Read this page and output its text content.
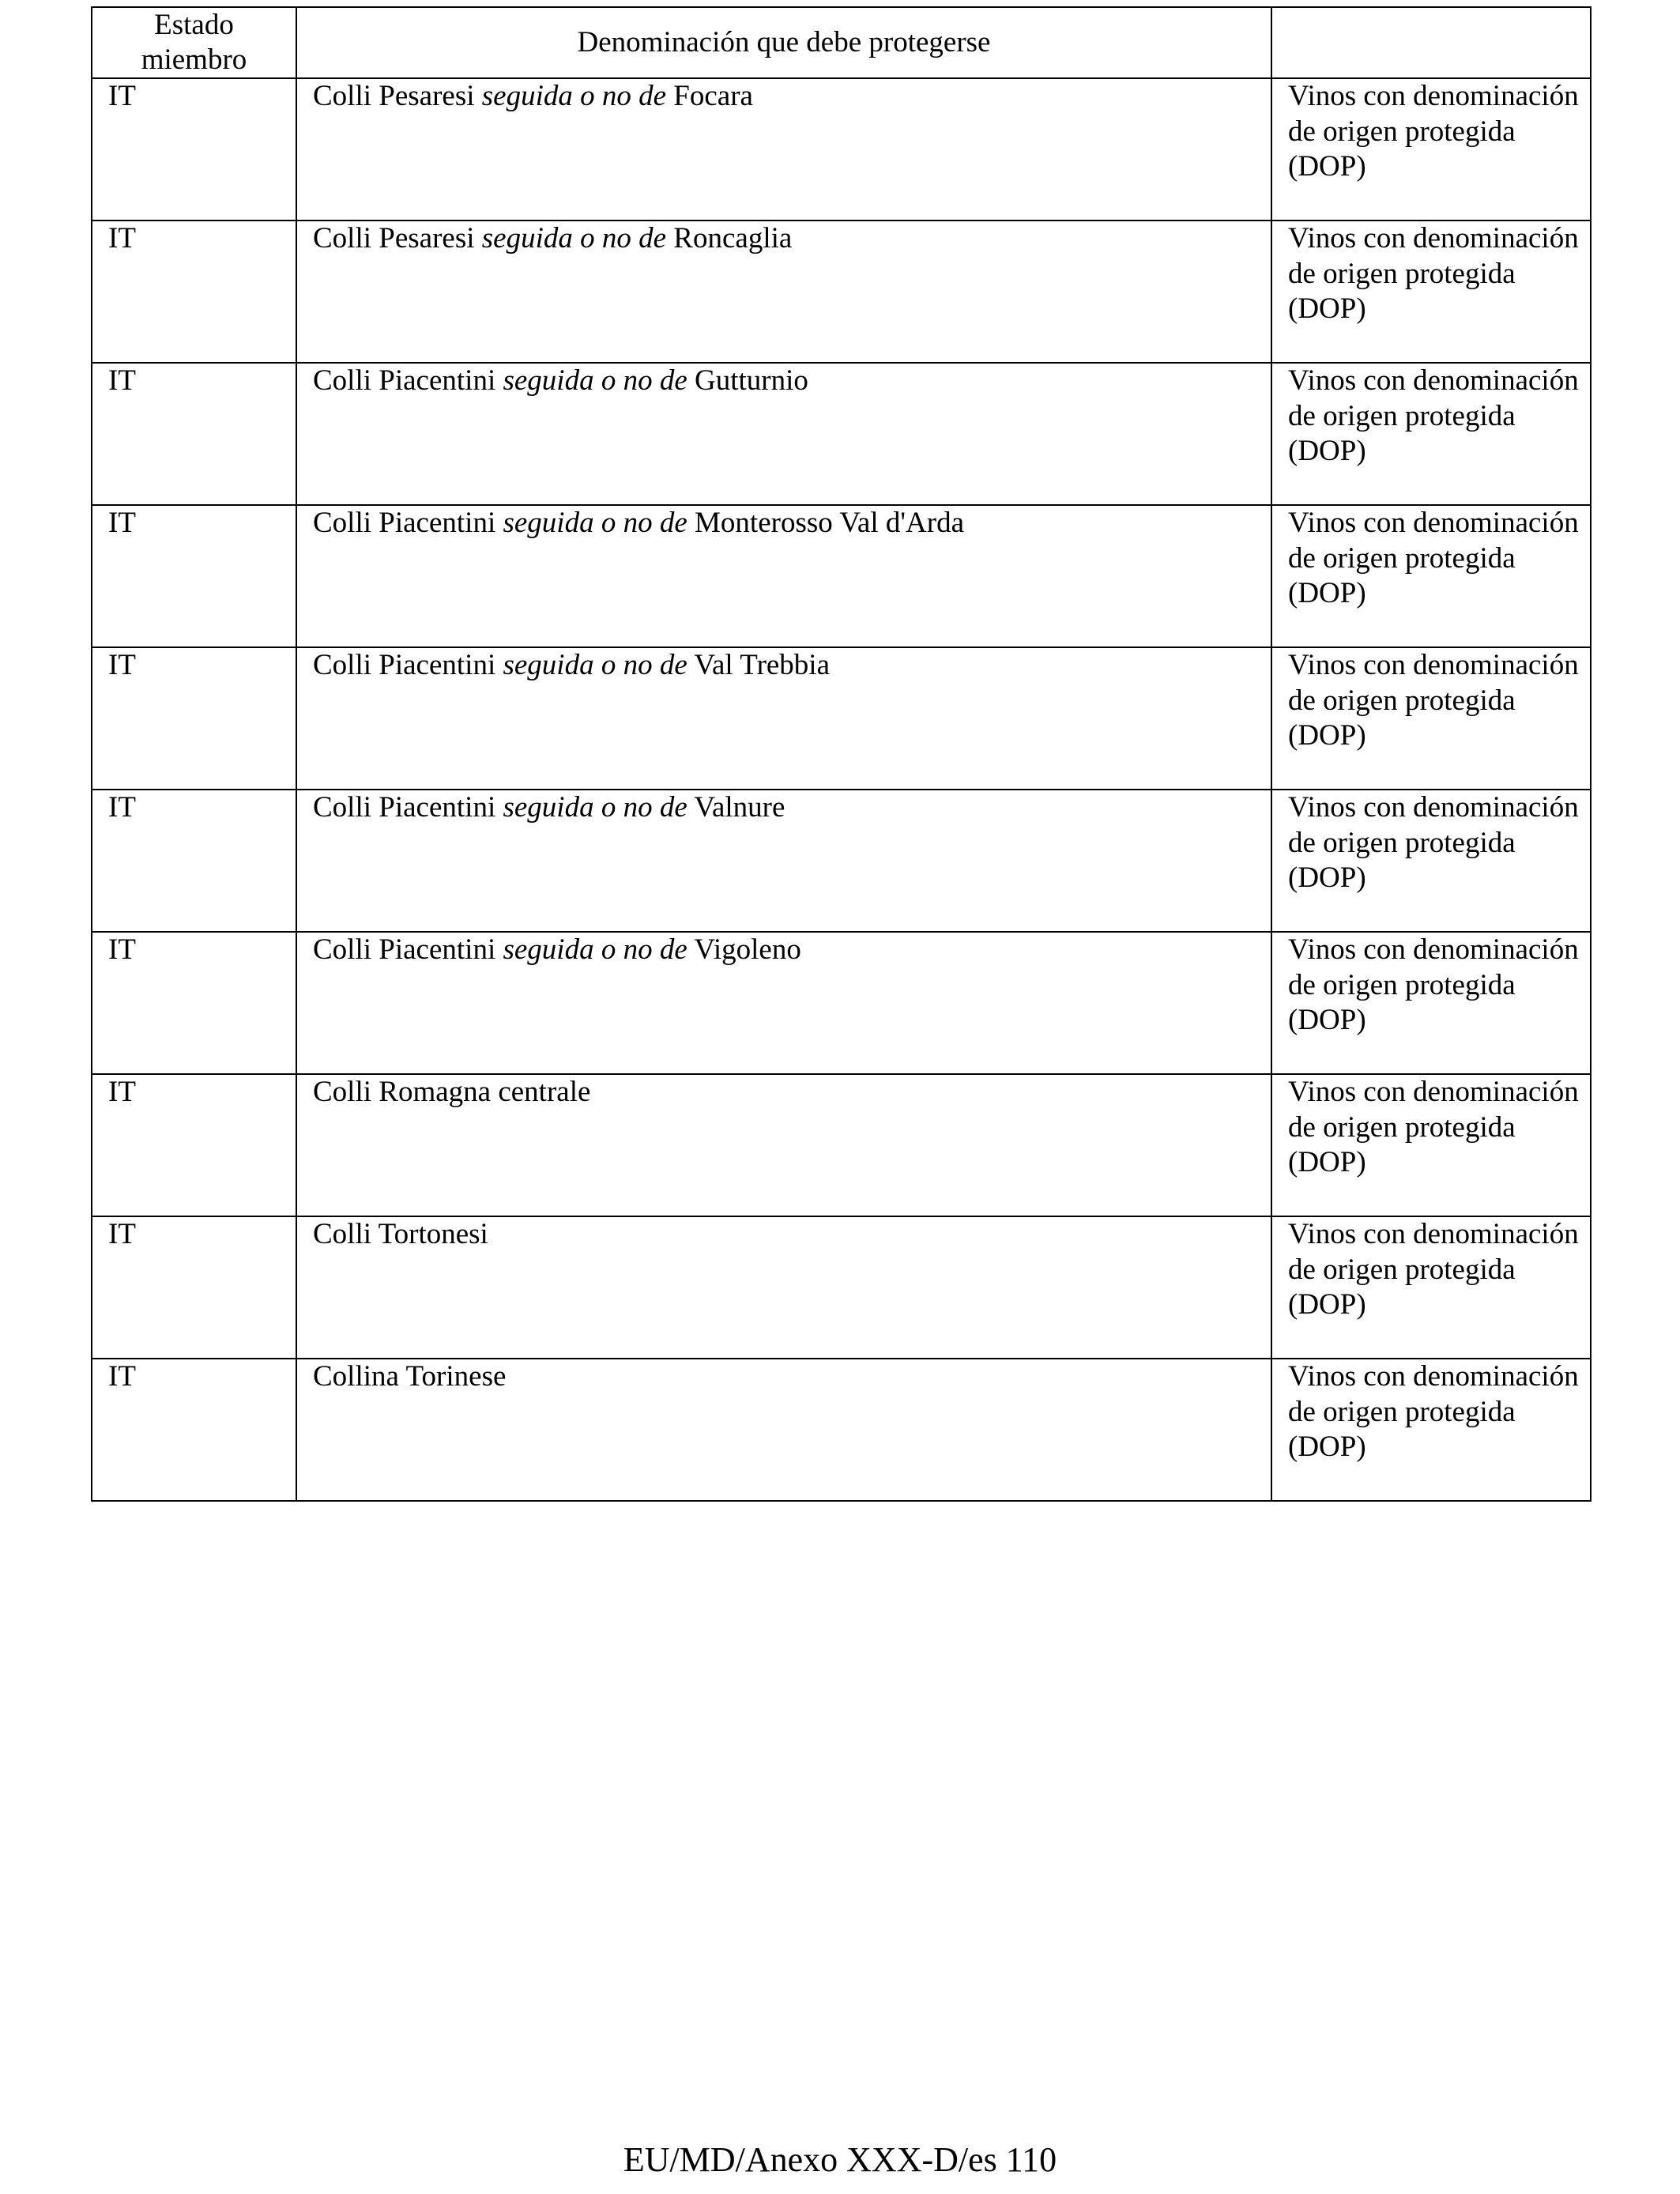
Estado
miembro	Denominación que debe protegerse	
IT	Colli Pesaresi seguida o no de Focara	Vinos con denominación de origen protegida (DOP)
IT	Colli Pesaresi seguida o no de Roncaglia	Vinos con denominación de origen protegida (DOP)
IT	Colli Piacentini seguida o no de Gutturnio	Vinos con denominación de origen protegida (DOP)
IT	Colli Piacentini seguida o no de Monterosso Val d'Arda	Vinos con denominación de origen protegida (DOP)
IT	Colli Piacentini seguida o no de Val Trebbia	Vinos con denominación de origen protegida (DOP)
IT	Colli Piacentini seguida o no de Valnure	Vinos con denominación de origen protegida (DOP)
IT	Colli Piacentini seguida o no de Vigoleno	Vinos con denominación de origen protegida (DOP)
IT	Colli Romagna centrale	Vinos con denominación de origen protegida (DOP)
IT	Colli Tortonesi	Vinos con denominación de origen protegida (DOP)
IT	Collina Torinese	Vinos con denominación de origen protegida (DOP)
EU/MD/Anexo XXX-D/es 110
